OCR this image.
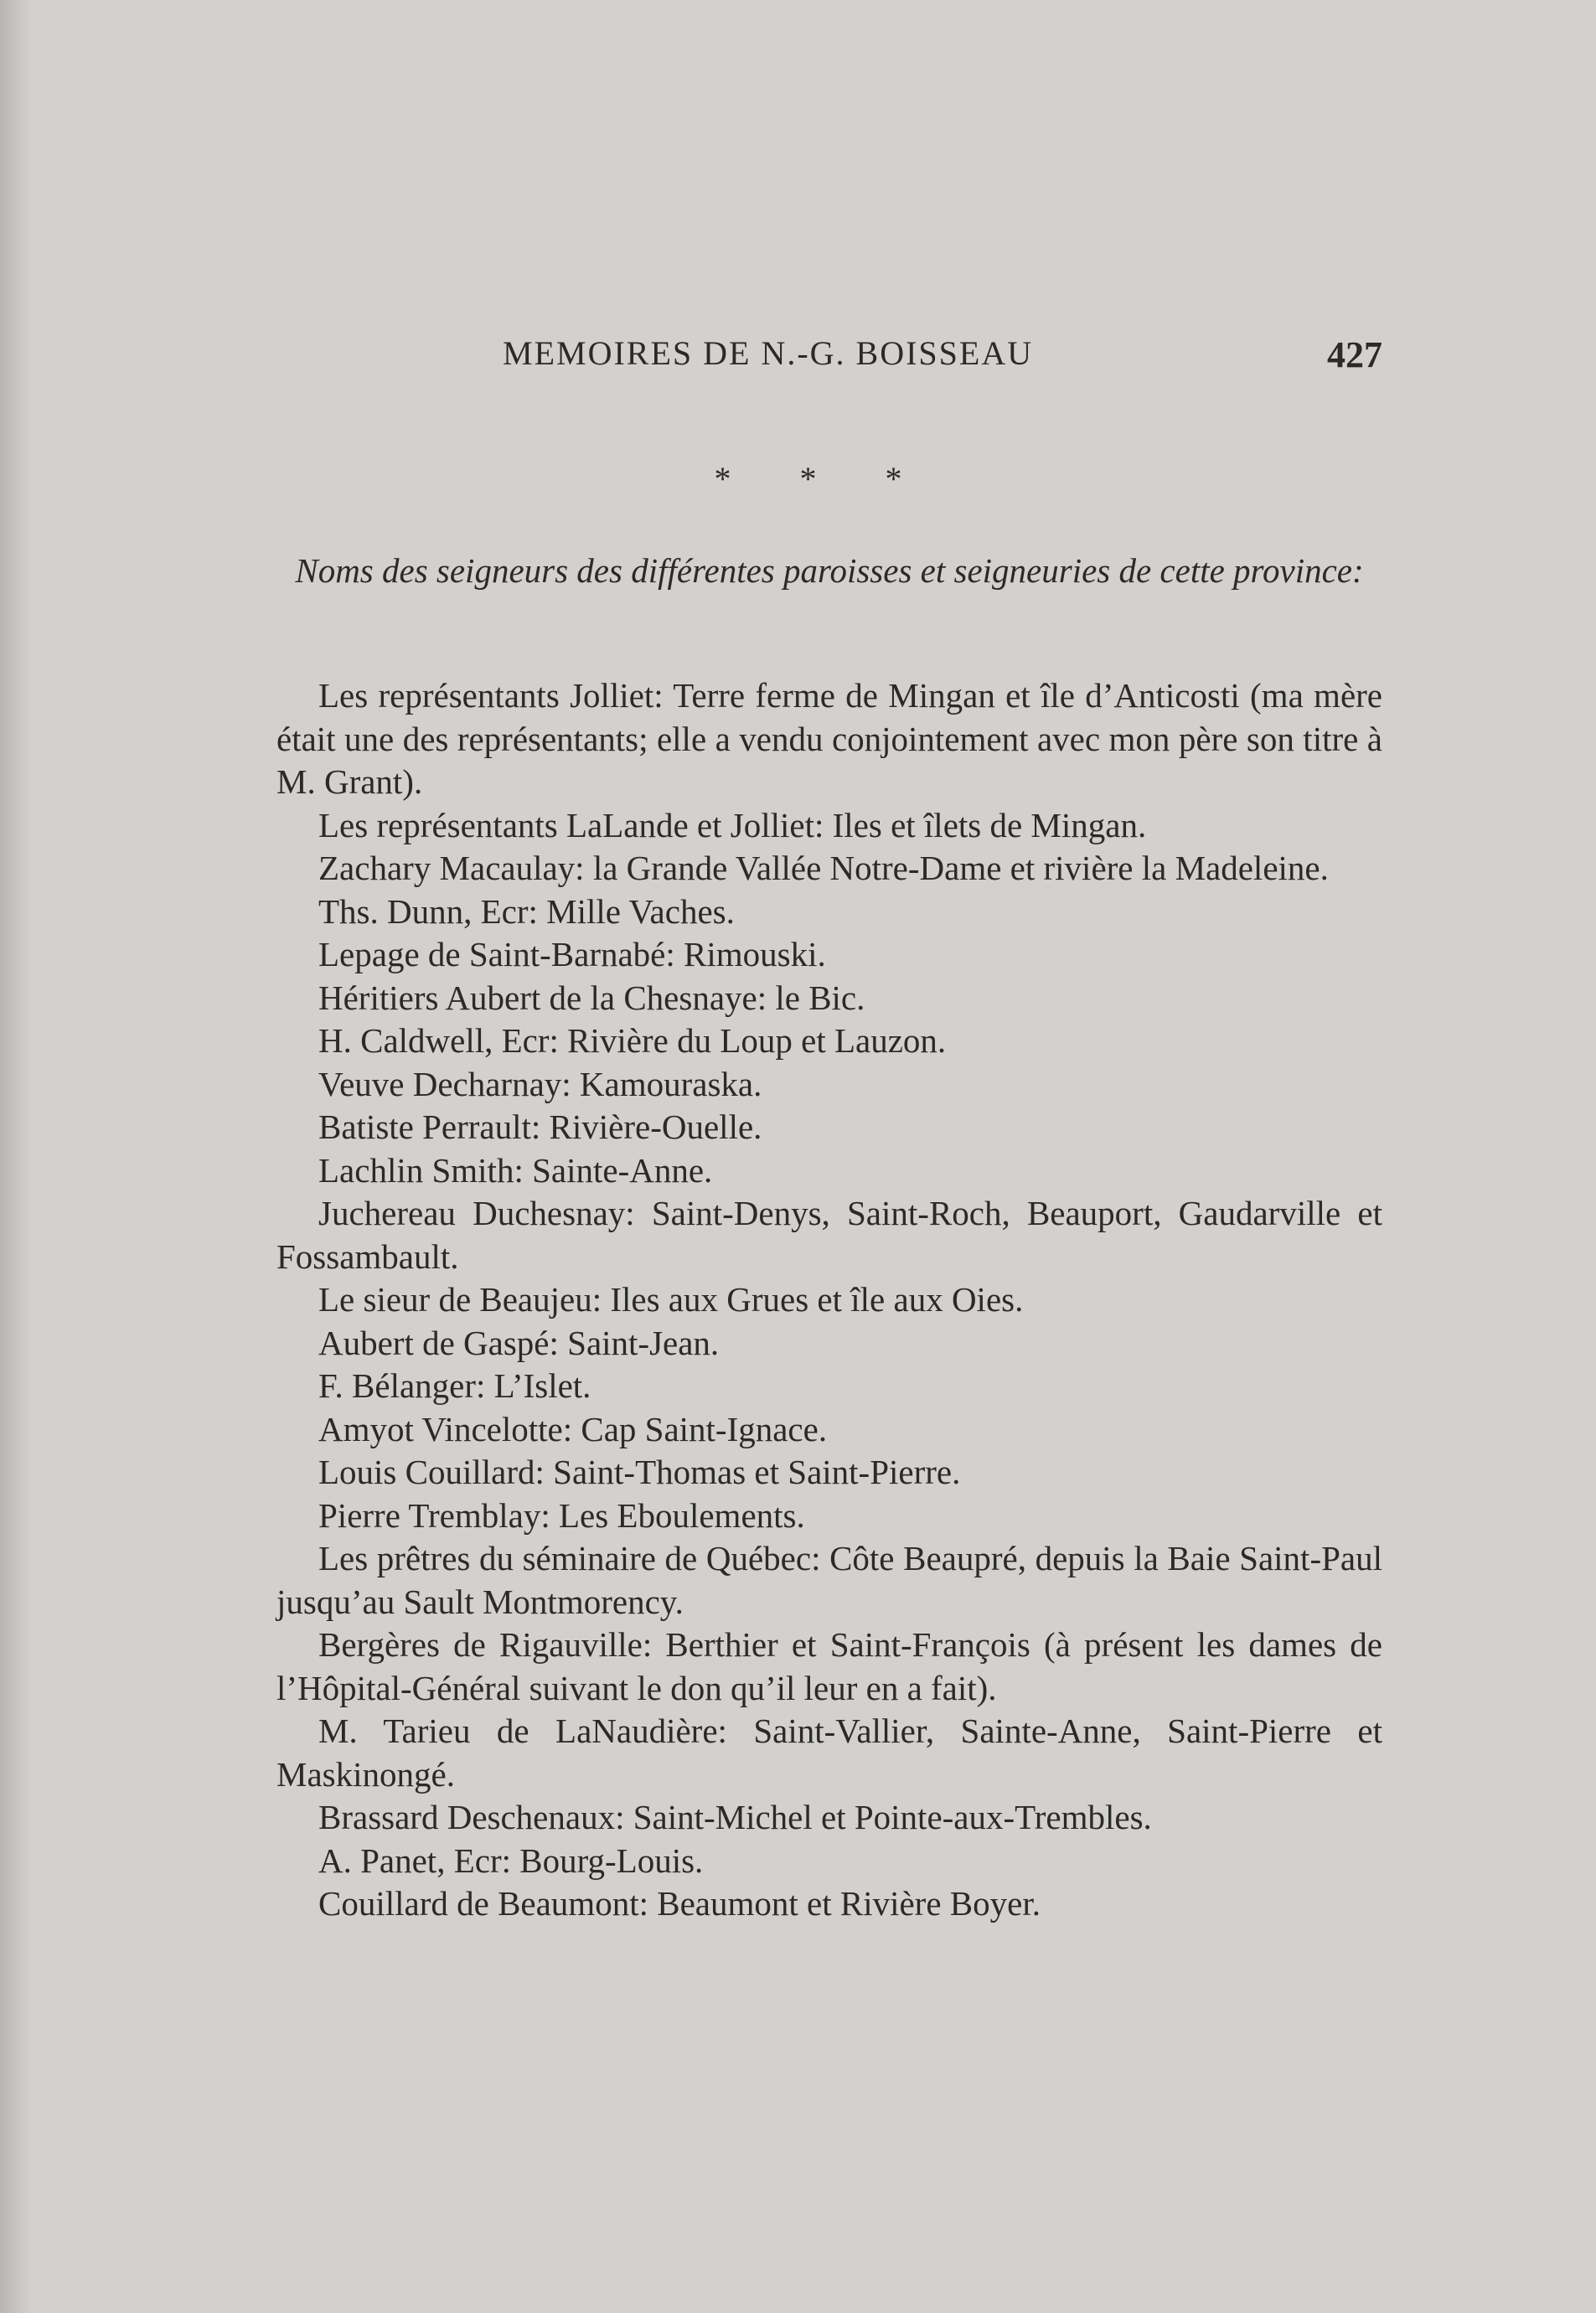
MEMOIRES DE N.-G. BOISSEAU	427
* * *
Noms des seigneurs des différentes paroisses et seigneuries de cette province:

Les représentants Jolliet: Terre ferme de Mingan et île d’Anticosti (ma mère était une des représentants; elle a vendu conjointement avec mon père son titre à M. Grant).

Les représentants LaLande et Jolliet: Iles et îlets de Mingan.

Zachary Macaulay: la Grande Vallée Notre-Dame et rivière la Madeleine.

Ths. Dunn, Ecr: Mille Vaches.

Lepage de Saint-Barnabé: Rimouski.

Héritiers Aubert de la Chesnaye: le Bic.

H. Caldwell, Ecr: Rivière du Loup et Lauzon.

Veuve Decharnay: Kamouraska.

Batiste Perrault: Rivière-Ouelle.

Lachlin Smith: Sainte-Anne.

Juchereau Duchesnay: Saint-Denys, Saint-Roch, Beauport, Gaudarville et Fossambault.

Le sieur de Beaujeu: Iles aux Grues et île aux Oies.

Aubert de Gaspé: Saint-Jean.

F. Bélanger: L’Islet.

Amyot Vincelotte: Cap Saint-Ignace.

Louis Couillard: Saint-Thomas et Saint-Pierre.

Pierre Tremblay: Les Eboulements.

Les prêtres du séminaire de Québec: Côte Beaupré, depuis la Baie Saint-Paul jusqu’au Sault Montmorency.

Bergères de Rigauville: Berthier et Saint-François (à présent les dames de l’Hôpital-Général suivant le don qu’il leur en a fait).

M. Tarieu de LaNaudière: Saint-Vallier, Sainte-Anne, Saint-Pierre et Maskinongé.

Brassard Deschenaux: Saint-Michel et Pointe-aux-Trembles.

A. Panet, Ecr: Bourg-Louis.

Couillard de Beaumont: Beaumont et Rivière Boyer.
